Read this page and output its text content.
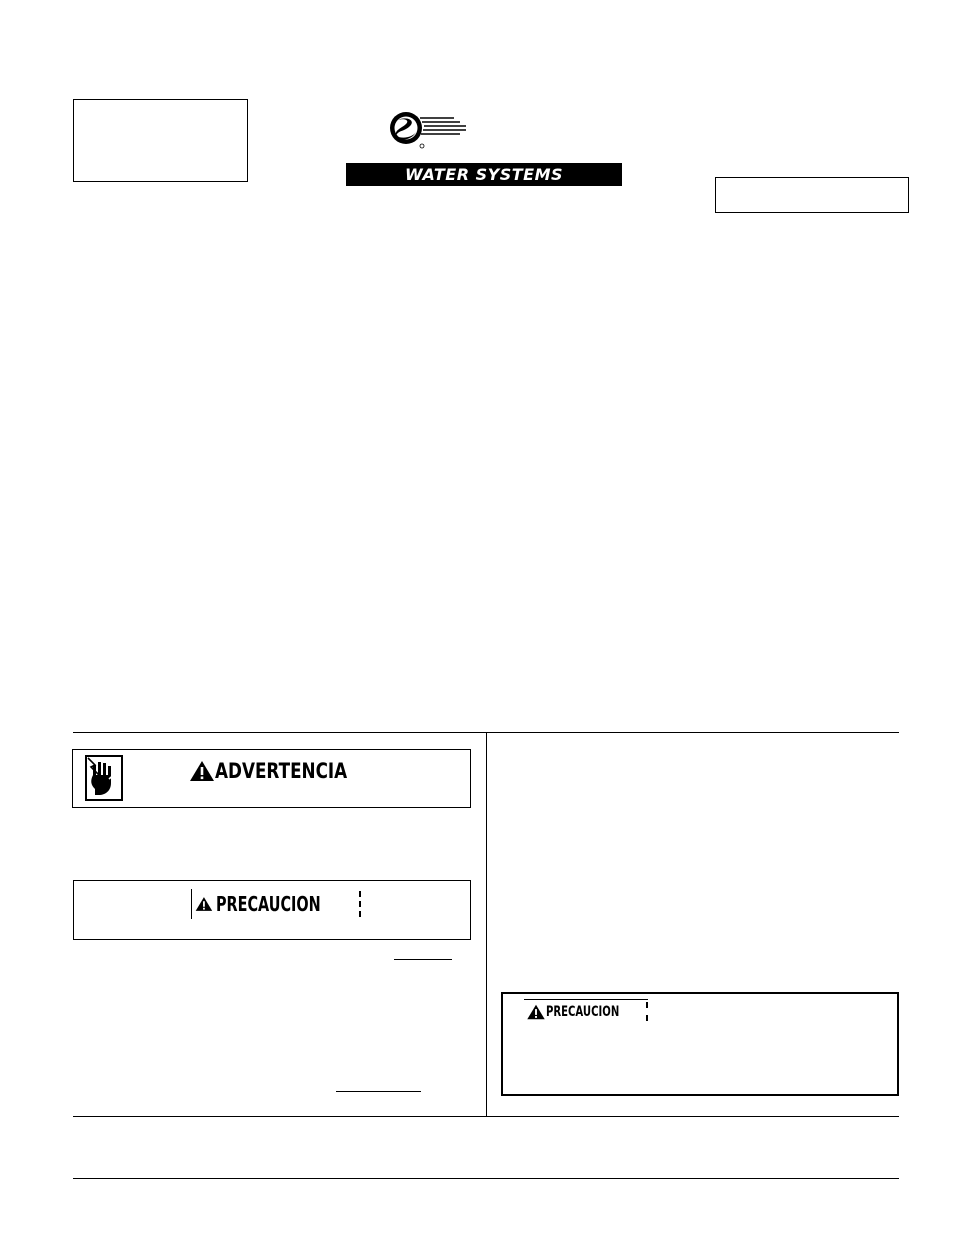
WATER SYSTEMS
ADVERTENCIA
PRECAUCION
PRECAUCION
